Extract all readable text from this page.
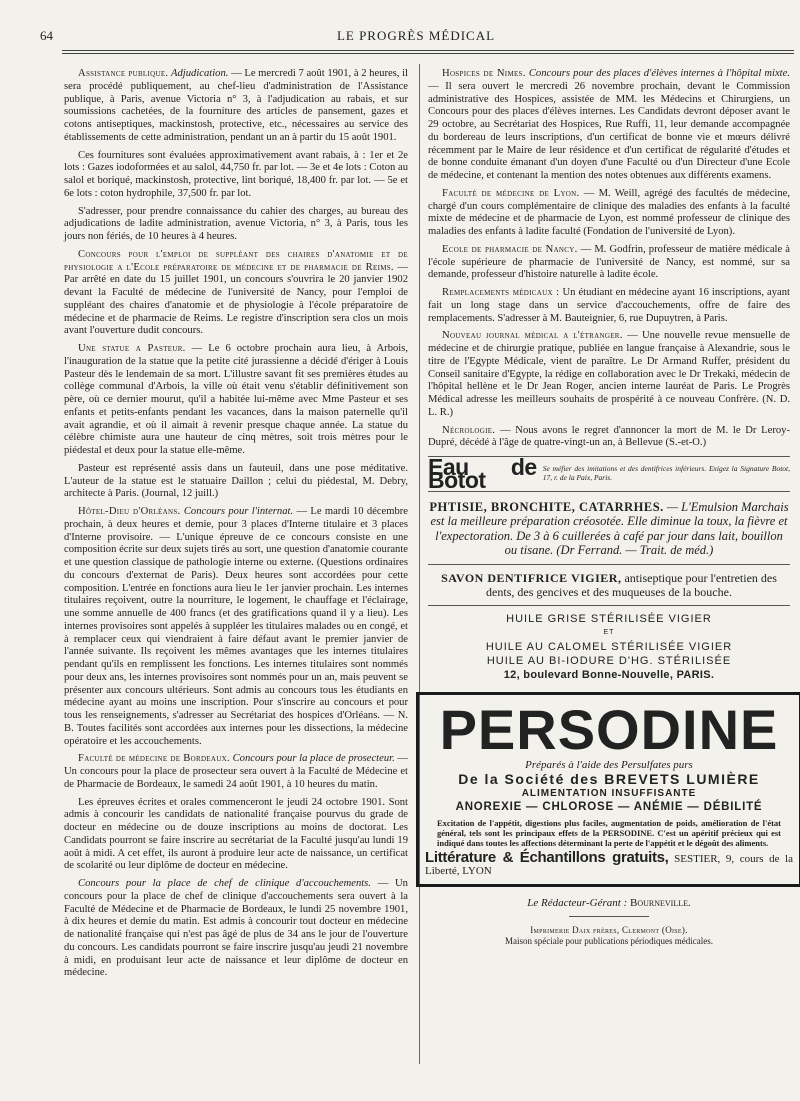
64	LE PROGRÈS MÉDICAL

Assistance publique. Adjudication. — Le mercredi 7 août 1901, à 2 heures, il sera procédé publiquement, au chef-lieu d'administration de l'Assistance publique, à Paris, avenue Victoria n° 3, à l'adjudication au rabais, et sur soumissions cachetées, de la fourniture des articles de pansement, gazes et cotons antiseptiques, mackinstosh, protective, etc., nécessaires au service des établissements de cette administration, pendant un an à partir du 15 août 1901.

Ces fournitures sont évaluées approximativement avant rabais, à : 1er et 2e lots : Gazes iodoformées et au salol, 44,750 fr. par lot. — 3e et 4e lots : Coton au salol et boriqué, mackinstosh, protective, lint boriqué, 18,400 fr. par lot. — 5e et 6e lots : coton hydrophile, 37,500 fr. par lot.

S'adresser, pour prendre connaissance du cahier des charges, au bureau des adjudications de ladite administration, avenue Victoria, n° 3, à Paris, tous les jours non fériés, de 10 heures à 4 heures.

Concours pour l'emploi de suppléant des chaires d'anatomie et de physiologie a l'Ecole préparatoire de médecine et de pharmacie de Reims. — Par arrêté en date du 15 juillet 1901, un concours s'ouvrira le 20 janvier 1902 devant la Faculté de médecine de l'université de Nancy, pour l'emploi de suppléant des chaires d'anatomie et de physiologie à l'école préparatoire de médecine et de pharmacie de Reims. Le registre d'inscription sera clos un mois avant l'ouverture dudit concours.

Une statue a Pasteur. — Le 6 octobre prochain aura lieu, à Arbois, l'inauguration de la statue que la petite cité jurassienne a décidé d'ériger à Louis Pasteur dès le lendemain de sa mort. L'illustre savant fit ses premières études au collège communal d'Arbois, la ville où était venu s'établir définitivement son père, où ce dernier mourut, qu'il a habitée lui-même avec Mme Pasteur et ses enfants et petits-enfants pendant les vacances, dans la maison paternelle qu'il avait agrandie, et où il aimait à revenir presque chaque année. La statue du célèbre chimiste aura une hauteur de cinq mètres, soit trois mètres pour le piédestal et deux pour la statue elle-même.

Pasteur est représenté assis dans un fauteuil, dans une pose méditative. L'auteur de la statue est le statuaire Daillon ; celui du piédestal, M. Debry, architecte à Paris. (Journal, 12 juill.)

Hôtel-Dieu d'Orléans. Concours pour l'internat. — Le mardi 10 décembre prochain, à deux heures et demie, pour 3 places d'Interne titulaire et 3 places d'Interne provisoire. — L'unique épreuve de ce concours consiste en une composition écrite sur deux sujets tirés au sort, une question d'anatomie courante et une question classique de pathologie interne ou externe. (Questions ordinaires du concours d'externat de Paris). Deux heures sont accordées pour cette composition. L'entrée en fonctions aura lieu le 1er janvier prochain. Les internes titulaires reçoivent, outre la nourriture, le logement, le chauffage et l'éclairage, une somme annuelle de 400 francs (et des gratifications quand il y a lieu). Les internes provisoires sont appelés à suppléer les titulaires malades ou en congé, et à remplacer ceux qui viendraient à faire défaut avant le premier janvier de l'année suivante. Ils reçoivent les mêmes avantages que les internes titulaires pendant qu'ils en remplissent les fonctions. Les internes titulaires sont nommés pour deux ans, les internes provisoires sont nommés pour un an, mais peuvent se présenter aux concours ultérieurs. Sont admis au concours tous les étudiants en médecine ayant au moins une inscription. Pour s'inscrire au concours et pour tous les renseignements, s'adresser au Secrétariat des hospices d'Orléans. — N. B. Toutes facilités sont accordées aux internes pour les dissections, la médecine opératoire et les accouchements.

Faculté de médecine de Bordeaux. Concours pour la place de prosecteur. — Un concours pour la place de prosecteur sera ouvert à la Faculté de Médecine et de Pharmacie de Bordeaux, le samedi 24 août 1901, à 10 heures du matin.

Les épreuves écrites et orales commenceront le jeudi 24 octobre 1901. Sont admis à concourir les candidats de nationalité française pourvus du grade de docteur en médecine ou de douze inscriptions au moins de doctorat. Les Candidats pourront se faire inscrire au secrétariat de la Faculté jusqu'au lundi 19 août à midi. A cet effet, ils auront à produire leur acte de naissance, un certificat de scolarité ou leur diplôme de docteur en médecine.

Concours pour la place de chef de clinique d'accouchements. — Un concours pour la place de chef de clinique d'accouchements sera ouvert à la Faculté de Médecine et de Pharmacie de Bordeaux, le lundi 25 novembre 1901, à dix heures et demie du matin. Est admis à concourir tout docteur en médecine de nationalité française qui n'est pas âgé de plus de 34 ans le jour de l'ouverture du concours. Les candidats pourront se faire inscrire jusqu'au jeudi 21 novembre à midi, en produisant leur acte de naissance et leur diplôme de docteur en médecine.

Hospices de Nimes. Concours pour des places d'élèves internes à l'hôpital mixte. — Il sera ouvert le mercredi 26 novembre prochain, devant le Commission administrative des Hospices, assistée de MM. les Médecins et Chirurgiens, un Concours pour des places d'élèves internes. Les Candidats devront déposer avant le 29 octobre, au Secrétariat des Hospices, Rue Ruffi, 11, leur demande accompagnée du bordereau de leurs inscriptions, d'un certificat de bonne vie et mœurs délivré récemment par le Maire de leur résidence et d'un certificat de régularité d'études et de bonne conduite émanant d'un doyen d'une Faculté ou d'un Directeur d'une Ecole de médecine, et contenant la mention des notes obtenues aux différents examens.

Faculté de médecine de Lyon. — M. Weill, agrégé des facultés de médecine, chargé d'un cours complémentaire de clinique des maladies des enfants à la faculté mixte de médecine et de pharmacie de Lyon, est nommé professeur de clinique des maladies des enfants à ladite faculté (Fondation de l'université de Lyon).

Ecole de pharmacie de Nancy. — M. Godfrin, professeur de matière médicale à l'école supérieure de pharmacie de l'université de Nancy, est nommé, sur sa demande, professeur d'histoire naturelle à ladite école.

Remplacements médicaux : Un étudiant en médecine ayant 16 inscriptions, ayant fait un long stage dans un service d'accouchements, offre de faire des remplacements. S'adresser à M. Bauteignier, 6, rue Dupuytren, à Paris.

Nouveau journal médical a l'étranger. — Une nouvelle revue mensuelle de médecine et de chirurgie pratique, publiée en langue française à Alexandrie, sous le titre de l'Egypte Médicale, vient de paraître. Le Dr Armand Ruffer, président du Conseil sanitaire d'Egypte, la rédige en collaboration avec le Dr Trekaki, médecin de l'hôpital hellène et le Dr Jean Roger, ancien interne lauréat de Paris. Le Progrès Médical adresse les meilleurs souhaits de prospérité à ce nouveau Confrère. (N. D. L. R.)

Nécrologie. — Nous avons le regret d'annoncer la mort de M. le Dr Leroy-Dupré, décédé à l'âge de quatre-vingt-un an, à Bellevue (S.-et-O.)

Eau de Botot	Se méfier des imitations et des dentifrices inférieurs. Exigez la Signature Botot, 17, r. de la Paix, Paris.
PHTISIE, BRONCHITE, CATARRHES. — L'Emulsion Marchais est la meilleure préparation créosotée. Elle diminue la toux, la fièvre et l'expectoration. De 3 à 6 cuillerées à café par jour dans lait, bouillon ou tisane. (Dr Ferrand. — Trait. de méd.)
SAVON DENTIFRICE VIGIER, antiseptique pour l'entretien des dents, des gencives et des muqueuses de la bouche.
HUILE GRISE STÉRILISÉE VIGIER
ET
HUILE AU CALOMEL STÉRILISÉE VIGIER
HUILE AU BI-IODURE D'HG. STÉRILISÉE
12, boulevard Bonne-Nouvelle, PARIS.
PERSODINE
Préparés à l'aide des Persulfates purs
De la Société des BREVETS LUMIÈRE
ALIMENTATION INSUFFISANTE
ANOREXIE — CHLOROSE — ANÉMIE — DÉBILITÉ
Excitation de l'appétit, digestions plus faciles, augmentation de poids, amélioration de l'état général, tels sont les principaux effets de la PERSODINE. C'est un apéritif précieux qui est indiqué dans toutes les affections déterminant la perte de l'appétit et le dégoût des aliments.
Littérature & Échantillons gratuits, SESTIER, 9, cours de la Liberté, LYON
Le Rédacteur-Gérant : Bourneville.
Imprimerie Daix frères, Clermont (Oise).
Maison spéciale pour publications périodiques médicales.
